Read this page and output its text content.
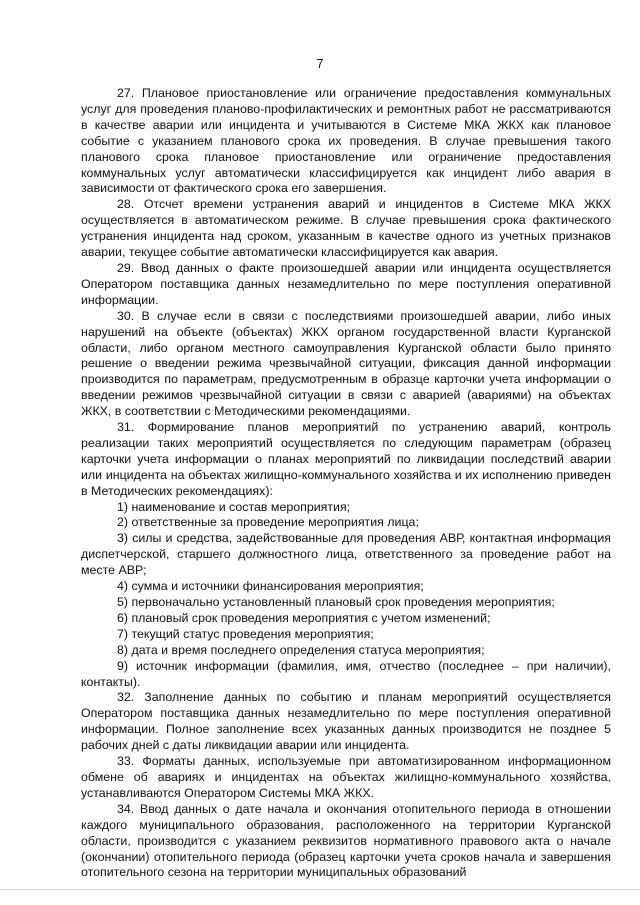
7

27. Плановое приостановление или ограничение предоставления коммунальных услуг для проведения планово-профилактических и ремонтных работ не рассматриваются в качестве аварии или инцидента и учитываются в Системе МКА ЖКХ как плановое событие с указанием планового срока их проведения. В случае превышения такого планового срока плановое приостановление или ограничение предоставления коммунальных услуг автоматически классифицируется как инцидент либо авария в зависимости от фактического срока его завершения.

28. Отсчет времени устранения аварий и инцидентов в Системе МКА ЖКХ осуществляется в автоматическом режиме. В случае превышения срока фактического устранения инцидента над сроком, указанным в качестве одного из учетных признаков аварии, текущее событие автоматически классифицируется как авария.

29. Ввод данных о факте произошедшей аварии или инцидента осуществляется Оператором поставщика данных незамедлительно по мере поступления оперативной информации.

30. В случае если в связи с последствиями произошедшей аварии, либо иных нарушений на объекте (объектах) ЖКХ органом государственной власти Курганской области, либо органом местного самоуправления Курганской области было принято решение о введении режима чрезвычайной ситуации, фиксация данной информации производится по параметрам, предусмотренным в образце карточки учета информации о введении режимов чрезвычайной ситуации в связи с аварией (авариями) на объектах ЖКХ, в соответствии с Методическими рекомендациями.

31. Формирование планов мероприятий по устранению аварий, контроль реализации таких мероприятий осуществляется по следующим параметрам (образец карточки учета информации о планах мероприятий по ликвидации последствий аварии или инцидента на объектах жилищно-коммунального хозяйства и их исполнению приведен в Методических рекомендациях):

1) наименование и состав мероприятия;

2) ответственные за проведение мероприятия лица;

3) силы и средства, задействованные для проведения АВР, контактная информация диспетчерской, старшего должностного лица, ответственного за проведение работ на месте АВР;

4) сумма и источники финансирования мероприятия;

5) первоначально установленный плановый срок проведения мероприятия;

6) плановый срок проведения мероприятия с учетом изменений;

7) текущий статус проведения мероприятия;

8) дата и время последнего определения статуса мероприятия;

9) источник информации (фамилия, имя, отчество (последнее – при наличии), контакты).

32. Заполнение данных по событию и планам мероприятий осуществляется Оператором поставщика данных незамедлительно по мере поступления оперативной информации. Полное заполнение всех указанных данных производится не позднее 5 рабочих дней с даты ликвидации аварии или инцидента.

33. Форматы данных, используемые при автоматизированном информационном обмене об авариях и инцидентах на объектах жилищно-коммунального хозяйства, устанавливаются Оператором Системы МКА ЖКХ.

34. Ввод данных о дате начала и окончания отопительного периода в отношении каждого муниципального образования, расположенного на территории Курганской области, производится с указанием реквизитов нормативного правового акта о начале (окончании) отопительного периода (образец карточки учета сроков начала и завершения отопительного сезона на территории муниципальных образований
